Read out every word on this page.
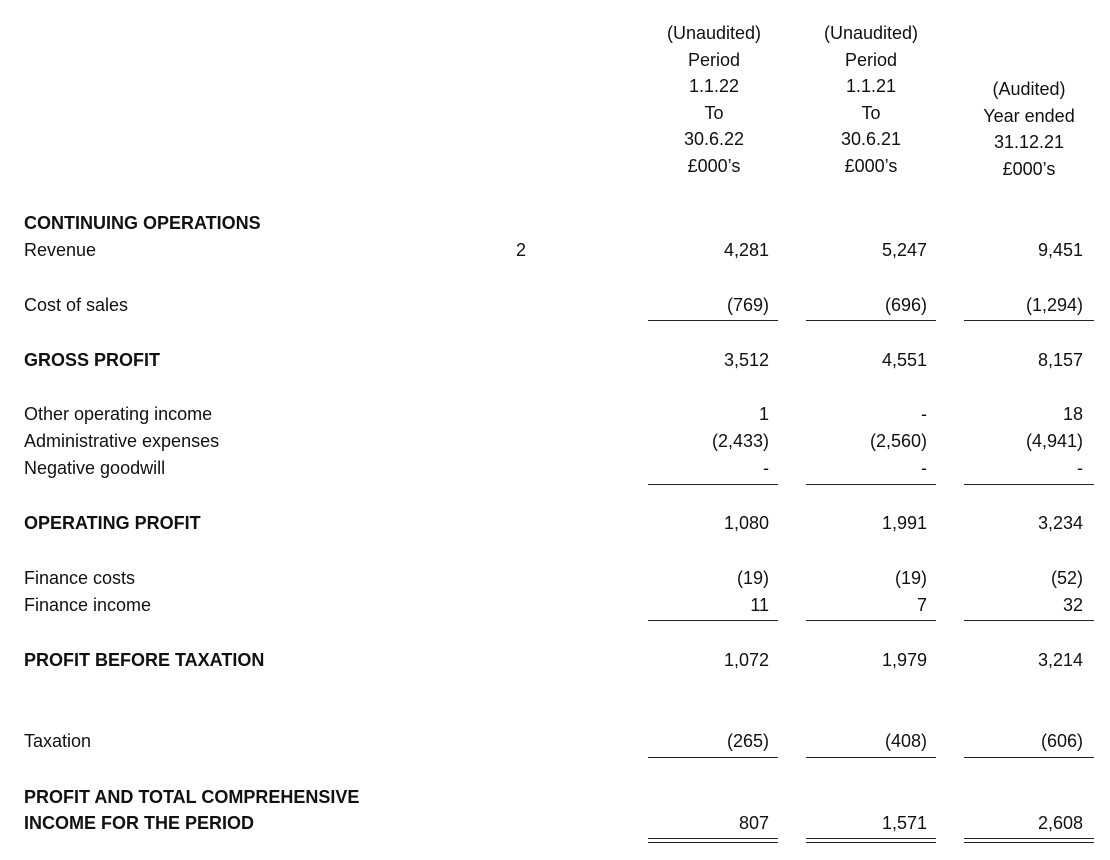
(Unaudited)
Period
1.1.22
To
30.6.22
£000’s
(Unaudited)
Period
1.1.21
To
30.6.21
£000’s
(Audited)
Year ended
31.12.21
£000’s
CONTINUING OPERATIONS
Revenue	2	4,281	5,247	9,451
Cost of sales	(769)	(696)	(1,294)
GROSS PROFIT	3,512	4,551	8,157
Other operating income	1	-	18
Administrative expenses	(2,433)	(2,560)	(4,941)
Negative goodwill	-	-	-
OPERATING PROFIT	1,080	1,991	3,234
Finance costs	(19)	(19)	(52)
Finance income	11	7	32
PROFIT BEFORE TAXATION	1,072	1,979	3,214
Taxation	(265)	(408)	(606)
PROFIT AND TOTAL COMPREHENSIVE
INCOME FOR THE PERIOD	807	1,571	2,608
